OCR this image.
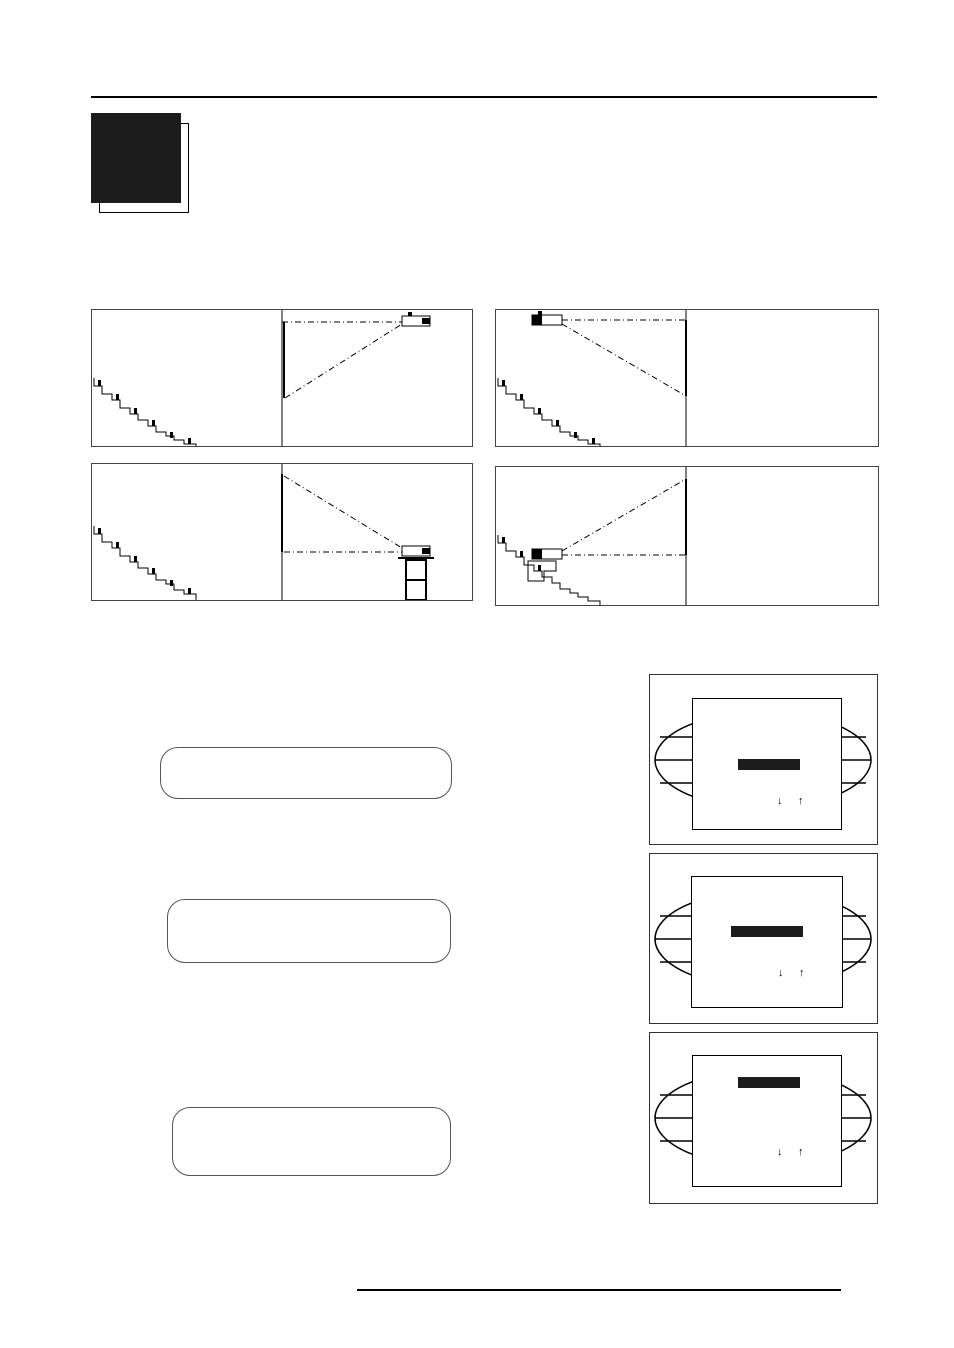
↓ ↑
↓ ↑
↓ ↑
